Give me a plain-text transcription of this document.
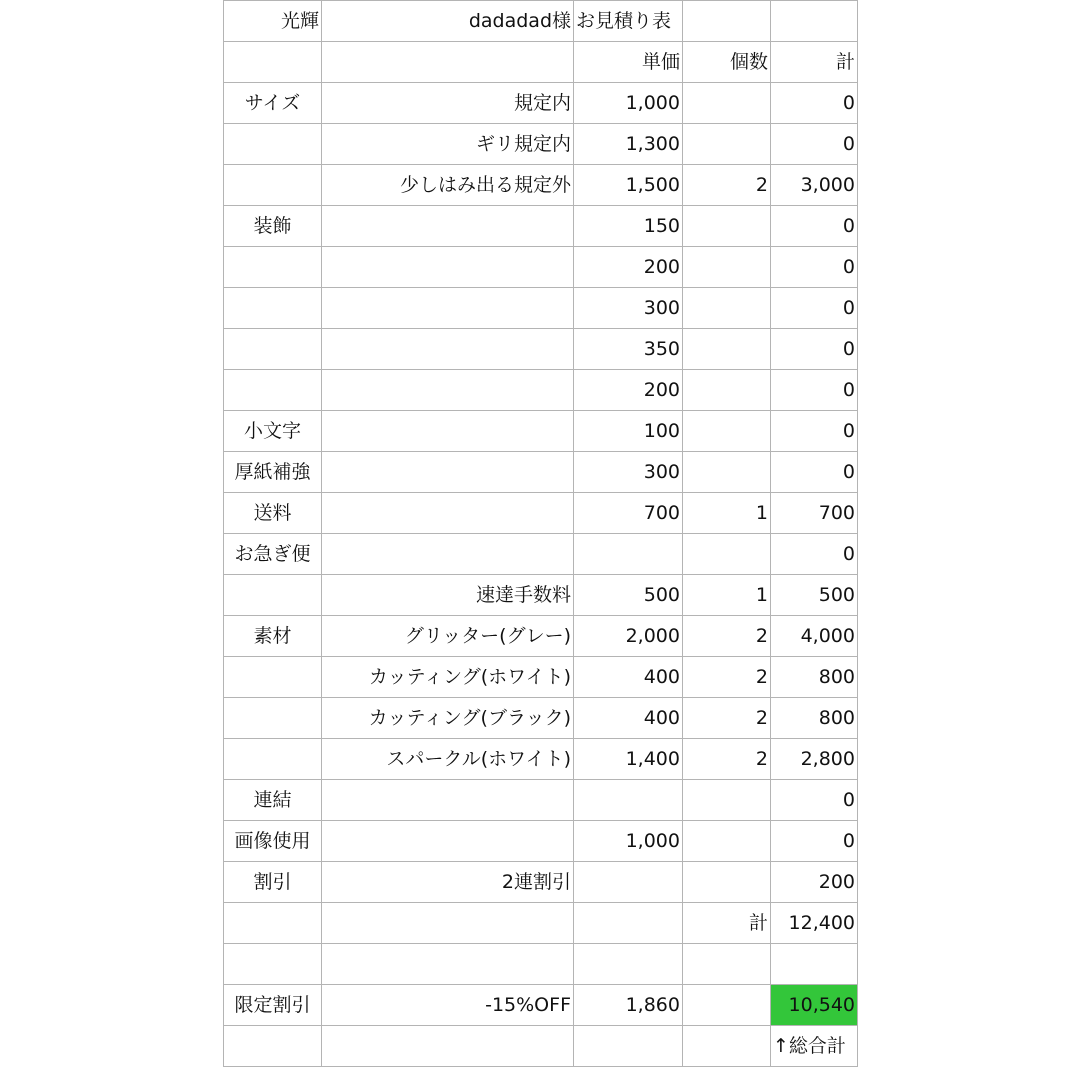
光輝	dadadad様	お見積り表		
		単価	個数	計
サイズ	規定内	1,000		0
	ギリ規定内	1,300		0
	少しはみ出る規定外	1,500	2	3,000
装飾		150		0
		200		0
		300		0
		350		0
		200		0
小文字		100		0
厚紙補強		300		0
送料		700	1	700
お急ぎ便				0
	速達手数料	500	1	500
素材	グリッター(グレー)	2,000	2	4,000
	カッティング(ホワイト)	400	2	800
	カッティング(ブラック)	400	2	800
	スパークル(ホワイト)	1,400	2	2,800
連結				0
画像使用		1,000		0
割引	2連割引			200
			計	12,400

限定割引	-15%OFF	1,860		10,540
				↑総合計
